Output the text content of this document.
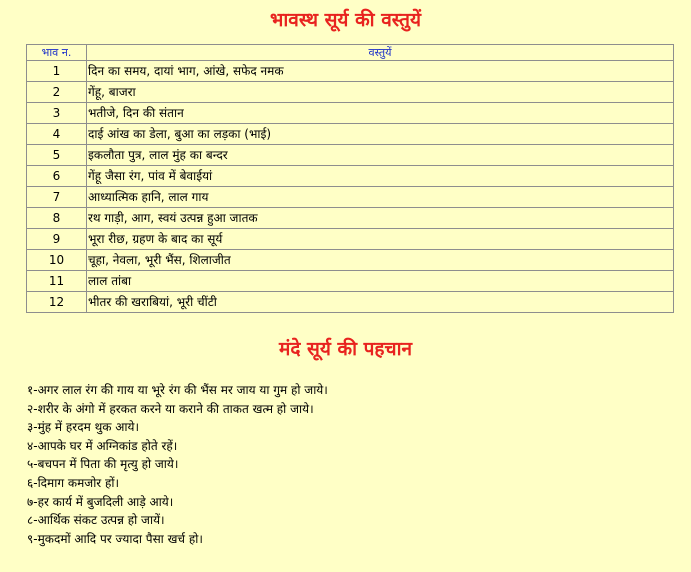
भावस्थ सूर्य की वस्तुयें
भाव न.	वस्तुयें
1	दिन का समय, दायां भाग, आंखे, सफेद नमक
2	गेंहू, बाजरा
3	भतीजे, दिन की संतान
4	दाई आंख का डेला, बुआ का लड़का (भाई)
5	इकलौता पुत्र, लाल मुंह का बन्दर
6	गेंहू जैसा रंग, पांव में बेवाईयां
7	आध्यात्मिक हानि, लाल गाय
8	रथ गाड़ी, आग, स्वयं उत्पन्न हुआ जातक
9	भूरा रीछ, ग्रहण के बाद का सूर्य
10	चूहा, नेवला, भूरी भैंस, शिलाजीत
11	लाल तांबा
12	भीतर की खराबियां, भूरी चींटी
मंदे सूर्य की पहचान
१-अगर लाल रंग की गाय या भूरे रंग की भैंस मर जाय या गुम हो जाये।
२-शरीर के अंगो में हरकत करने या कराने की ताकत खत्म हो जाये।
३-मुंह में हरदम थुक आये।
४-आपके घर में अग्निकांड होते रहें।
५-बचपन में पिता की मृत्यु हो जाये।
६-दिमाग कमजोर हों।
७-हर कार्य में बुजदिली आड़े आये।
८-आर्थिक संकट उत्पन्न हो जायें।
९-मुकदमों आदि पर ज्यादा पैसा खर्च हो।
